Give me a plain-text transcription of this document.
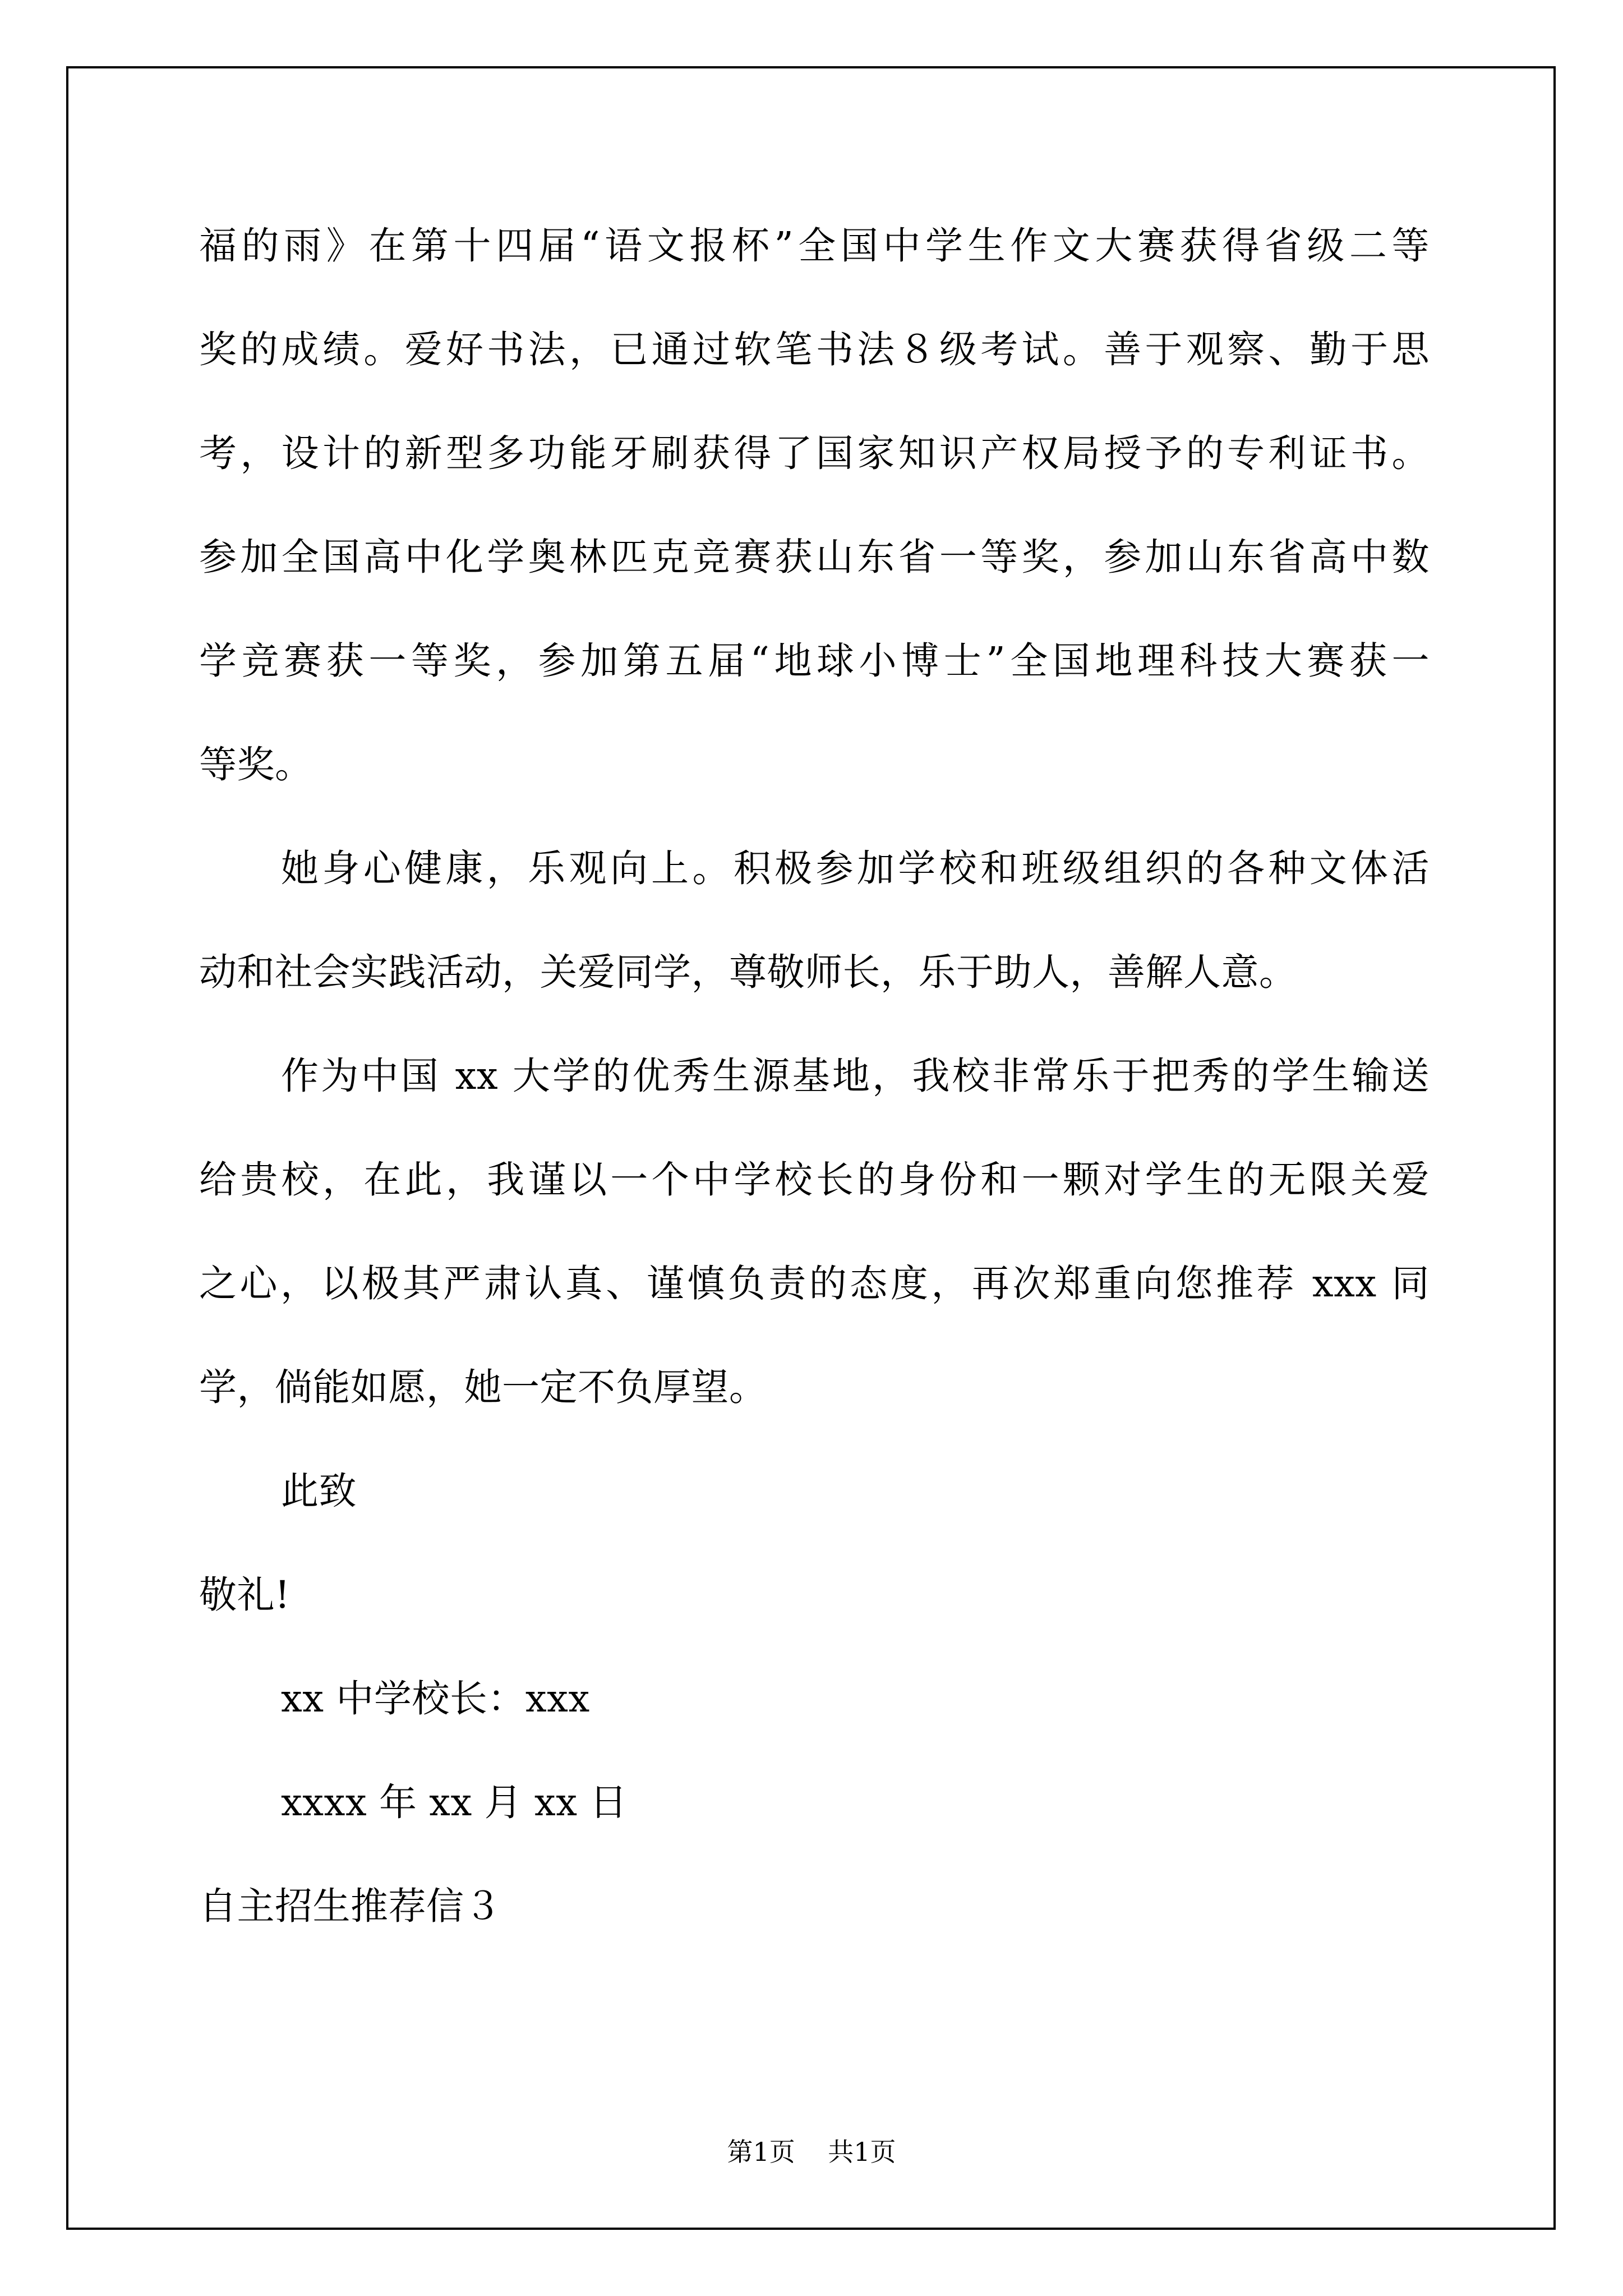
福的雨》在第十四届“语文报杯”全国中学生作文大赛获得省级二等
奖的成绩。爱好书法，已通过软笔书法８级考试。善于观察、勤于思
考，设计的新型多功能牙刷获得了国家知识产权局授予的专利证书。
参加全国高中化学奥林匹克竞赛获山东省一等奖，参加山东省高中数
学竞赛获一等奖，参加第五届“地球小博士”全国地理科技大赛获一
等奖。
她身心健康，乐观向上。积极参加学校和班级组织的各种文体活
动和社会实践活动，关爱同学，尊敬师长，乐于助人，善解人意。
作为中国 xx 大学的优秀生源基地，我校非常乐于把秀的学生输送
给贵校，在此，我谨以一个中学校长的身份和一颗对学生的无限关爱
之心，以极其严肃认真、谨慎负责的态度，再次郑重向您推荐 xxx 同
学，倘能如愿，她一定不负厚望。
此致
敬礼!
xx 中学校长：xxx
xxxx 年 xx 月 xx 日
自主招生推荐信３
第1页    共1页
